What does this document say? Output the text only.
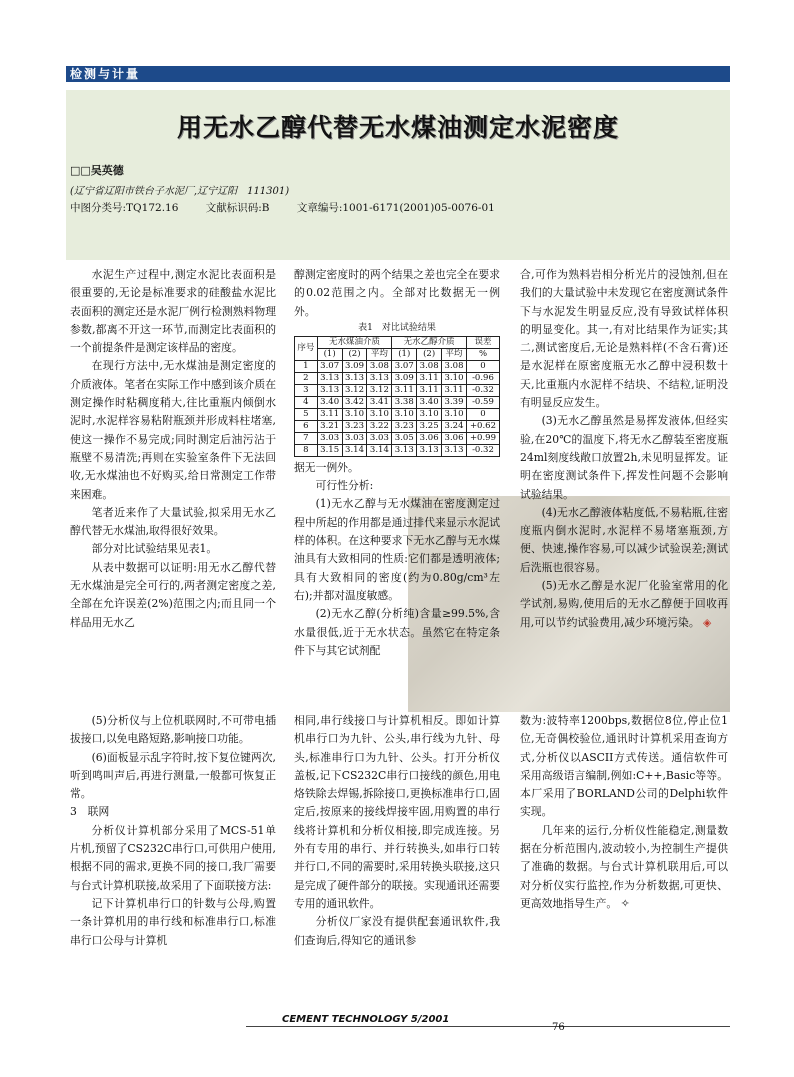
检测与计量
用无水乙醇代替无水煤油测定水泥密度
□□吴英德
(辽宁省辽阳市铁台子水泥厂,辽宁辽阳　111301)
中图分类号:TQ172.16	文献标识码:B	文章编号:1001-6171(2001)05-0076-01

水泥生产过程中,测定水泥比表面积是很重要的,无论是标准要求的硅酸盐水泥比表面积的测定还是水泥厂例行检测熟料物理参数,都离不开这一环节,而测定比表面积的一个前提条件是测定该样品的密度。

在现行方法中,无水煤油是测定密度的介质液体。笔者在实际工作中感到该介质在测定操作时粘稠度稍大,往比重瓶内倾倒水泥时,水泥样容易粘附瓶颈并形成料柱堵塞,使这一操作不易完成;同时测定后油污沾于瓶壁不易清洗;再则在实验室条件下无法回收,无水煤油也不好购买,给日常测定工作带来困难。

笔者近来作了大量试验,拟采用无水乙醇代替无水煤油,取得很好效果。

部分对比试验结果见表1。

从表中数据可以证明:用无水乙醇代替无水煤油是完全可行的,两者测定密度之差,全部在允许误差(2%)范围之内;而且同一个样品用无水乙

醇测定密度时的两个结果之差也完全在要求的0.02范围之内。全部对比数据无一例外。

表1　对比试验结果
序号	无水煤油介质			无水乙醇介质			误差
	(1)	(2)	平均	(1)	(2)	平均	%
1	3.07	3.09	3.08	3.07	3.08	3.08	0
2	3.13	3.13	3.13	3.09	3.11	3.10	-0.96
3	3.13	3.12	3.12	3.11	3.11	3.11	-0.32
4	3.40	3.42	3.41	3.38	3.40	3.39	-0.59
5	3.11	3.10	3.10	3.10	3.10	3.10	0
6	3.21	3.23	3.22	3.23	3.25	3.24	+0.62
7	3.03	3.03	3.03	3.05	3.06	3.06	+0.99
8	3.15	3.14	3.14	3.13	3.13	3.13	-0.32

据无一例外。

可行性分析:

(1)无水乙醇与无水煤油在密度测定过程中所起的作用都是通过排代来显示水泥试样的体积。在这种要求下无水乙醇与无水煤油具有大致相同的性质:它们都是透明液体;具有大致相同的密度(约为0.80g/cm³左右);并都对温度敏感。

(2)无水乙醇(分析纯)含量≥99.5%,含水量很低,近于无水状态。虽然它在特定条件下与其它试剂配

合,可作为熟料岩相分析光片的浸蚀剂,但在我们的大量试验中未发现它在密度测试条件下与水泥发生明显反应,没有导致试样体积的明显变化。其一,有对比结果作为证实;其二,测试密度后,无论是熟料样(不含石膏)还是水泥样在原密度瓶无水乙醇中浸积数十天,比重瓶内水泥样不结块、不结粒,证明没有明显反应发生。

(3)无水乙醇虽然是易挥发液体,但经实验,在20℃的温度下,将无水乙醇装至密度瓶24ml刻度线敞口放置2h,未见明显挥发。证明在密度测试条件下,挥发性问题不会影响试验结果。

(4)无水乙醇液体粘度低,不易粘瓶,往密度瓶内倒水泥时,水泥样不易堵塞瓶颈,方便、快速,操作容易,可以减少试验误差;测试后洗瓶也很容易。

(5)无水乙醇是水泥厂化验室常用的化学试剂,易购,使用后的无水乙醇便于回收再用,可以节约试验费用,减少环境污染。 ◈

(5)分析仪与上位机联网时,不可带电插拔接口,以免电路短路,影响接口功能。

(6)面板显示乱字符时,按下复位键两次,听到鸣叫声后,再进行测量,一般都可恢复正常。

3　联网

分析仪计算机部分采用了MCS-51单片机,预留了CS232C串行口,可供用户使用,根据不同的需求,更换不同的接口,我厂需要与台式计算机联接,故采用了下面联接方法:

记下计算机串行口的针数与公母,购置一条计算机用的串行线和标准串行口,标准串行口公母与计算机

相同,串行线接口与计算机相反。即如计算机串行口为九针、公头,串行线为九针、母头,标准串行口为九针、公头。打开分析仪盖板,记下CS232C串行口接线的颜色,用电烙铁除去焊锡,拆除接口,更换标准串行口,固定后,按原来的接线焊接牢固,用购置的串行线将计算机和分析仪相接,即完成连接。另外有专用的串行、并行转换头,如串行口转并行口,不同的需要时,采用转换头联接,这只是完成了硬件部分的联接。实现通讯还需要专用的通讯软件。

分析仪厂家没有提供配套通讯软件,我们查询后,得知它的通讯参

数为:波特率1200bps,数据位8位,停止位1位,无奇偶校验位,通讯时计算机采用查询方式,分析仪以ASCII方式传送。通信软件可采用高级语言编制,例如:C++,Basic等等。本厂采用了BORLAND公司的Delphi软件实现。

几年来的运行,分析仪性能稳定,测量数据在分析范围内,波动较小,为控制生产提供了准确的数据。与台式计算机联用后,可以对分析仪实行监控,作为分析数据,可更快、更高效地指导生产。 ✧

CEMENT TECHNOLOGY 5/2001
76
